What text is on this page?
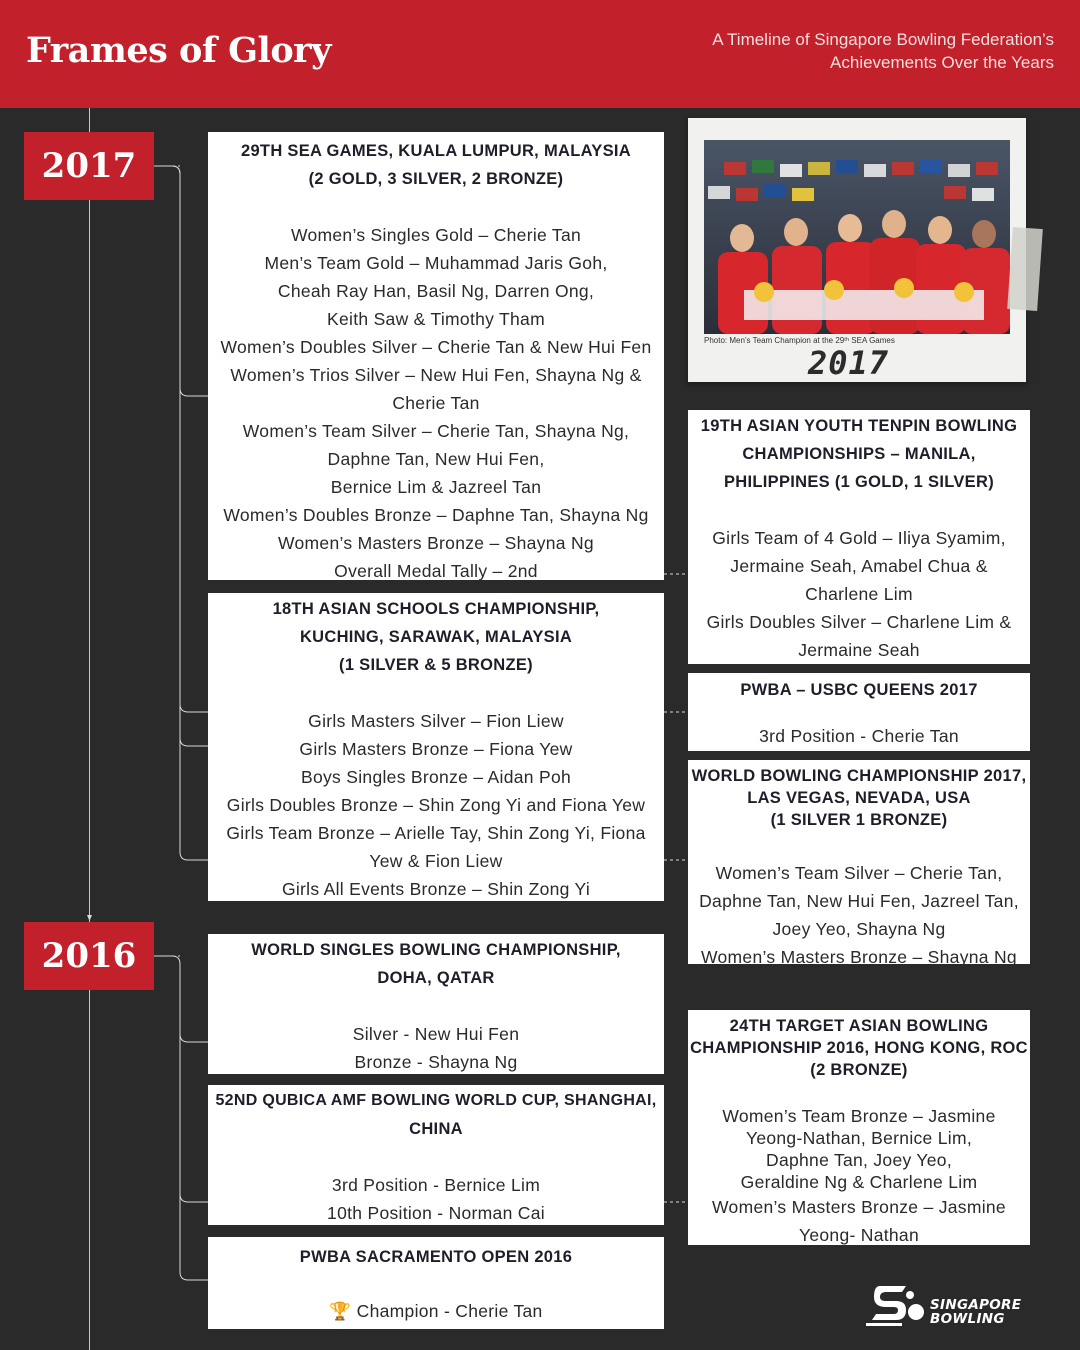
Frames of Glory	A Timeline of Singapore Bowling Federation’s
Achievements Over the Years
2017
2016
29TH SEA GAMES, KUALA LUMPUR, MALAYSIA
(2 GOLD, 3 SILVER, 2 BRONZE)
Women’s Singles Gold – Cherie Tan
Men’s Team Gold – Muhammad Jaris Goh,
Cheah Ray Han, Basil Ng, Darren Ong,
Keith Saw & Timothy Tham
Women’s Doubles Silver – Cherie Tan & New Hui Fen
Women’s Trios Silver – New Hui Fen, Shayna Ng &
Cherie Tan
Women’s Team Silver – Cherie Tan, Shayna Ng,
Daphne Tan, New Hui Fen,
Bernice Lim & Jazreel Tan
Women’s Doubles Bronze – Daphne Tan, Shayna Ng
Women’s Masters Bronze – Shayna Ng
Overall Medal Tally – 2nd
18TH ASIAN SCHOOLS CHAMPIONSHIP,
KUCHING, SARAWAK, MALAYSIA
(1 SILVER & 5 BRONZE)
Girls Masters Silver – Fion Liew
Girls Masters Bronze – Fiona Yew
Boys Singles Bronze – Aidan Poh
Girls Doubles Bronze – Shin Zong Yi and Fiona Yew
Girls Team Bronze – Arielle Tay, Shin Zong Yi, Fiona
Yew & Fion Liew
Girls All Events Bronze – Shin Zong Yi
Photo: Men’s Team Champion at the 29ᵗʰ SEA Games
2017
19TH ASIAN YOUTH TENPIN BOWLING
CHAMPIONSHIPS – MANILA,
PHILIPPINES (1 GOLD, 1 SILVER)
Girls Team of 4 Gold – Iliya Syamim,
Jermaine Seah, Amabel Chua &
Charlene Lim
Girls Doubles Silver – Charlene Lim &
Jermaine Seah
PWBA – USBC QUEENS 2017
3rd Position - Cherie Tan
WORLD BOWLING CHAMPIONSHIP 2017,
LAS VEGAS, NEVADA, USA
(1 SILVER 1 BRONZE)
Women’s Team Silver – Cherie Tan,
Daphne Tan, New Hui Fen, Jazreel Tan,
Joey Yeo, Shayna Ng
Women’s Masters Bronze – Shayna Ng
WORLD SINGLES BOWLING CHAMPIONSHIP,
DOHA, QATAR
Silver - New Hui Fen
Bronze - Shayna Ng
52ND QUBICA AMF BOWLING WORLD CUP, SHANGHAI,
CHINA
3rd Position - Bernice Lim
10th Position - Norman Cai
PWBA SACRAMENTO OPEN 2016
🏆 Champion - Cherie Tan
24TH TARGET ASIAN BOWLING
CHAMPIONSHIP 2016, HONG KONG, ROC
(2 BRONZE)
Women’s Team Bronze – Jasmine
Yeong-Nathan, Bernice Lim,
Daphne Tan, Joey Yeo,
Geraldine Ng & Charlene Lim
Women’s Masters Bronze – Jasmine
Yeong- Nathan
SINGAPORE
BOWLING
